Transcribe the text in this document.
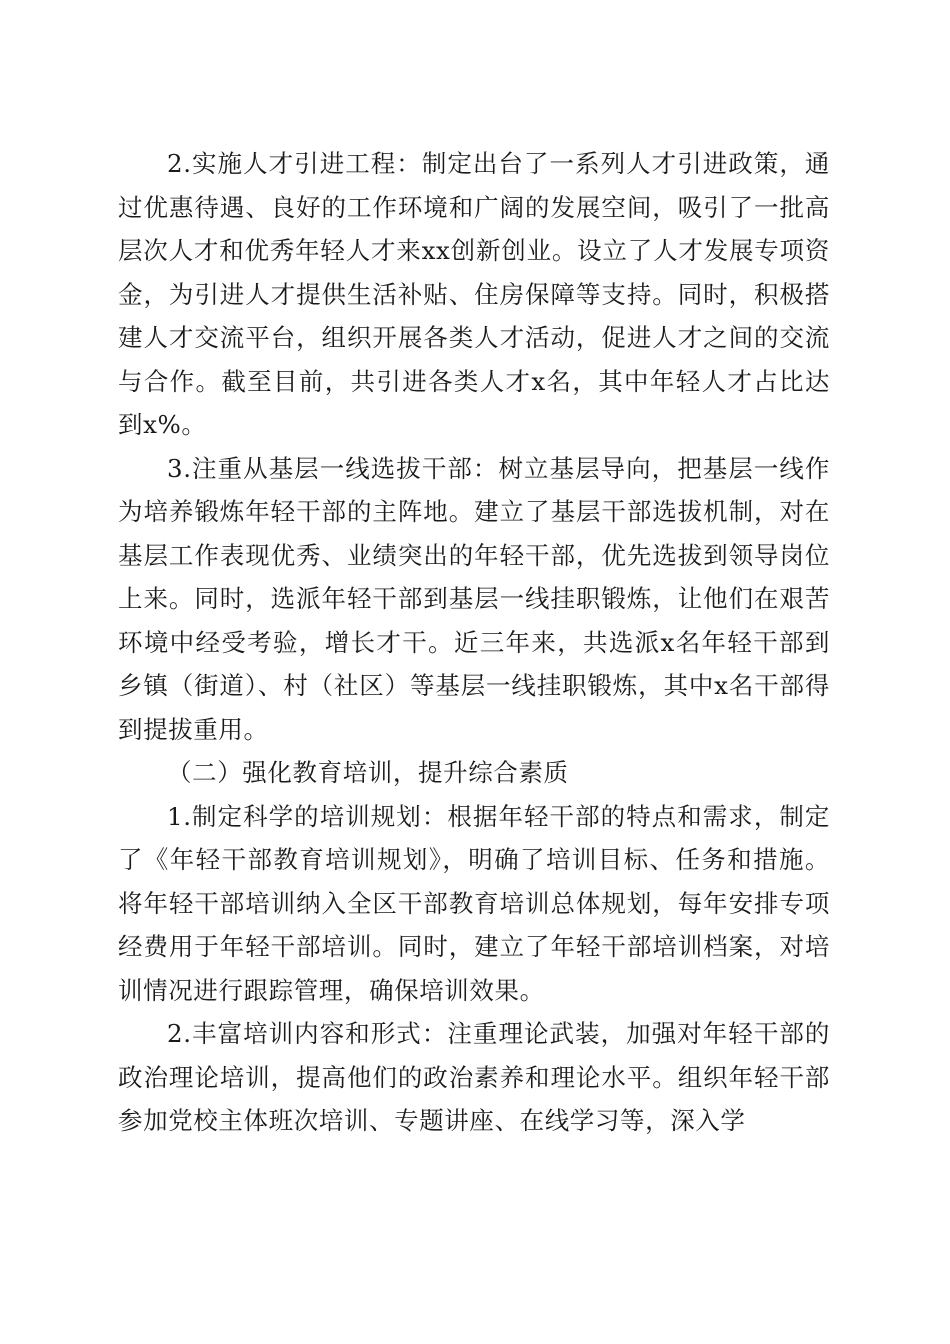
2.实施人才引进工程：制定出台了一系列人才引进政策，通过优惠待遇、良好的工作环境和广阔的发展空间，吸引了一批高层次人才和优秀年轻人才来xx创新创业。设立了人才发展专项资金，为引进人才提供生活补贴、住房保障等支持。同时，积极搭建人才交流平台，组织开展各类人才活动，促进人才之间的交流与合作。截至目前，共引进各类人才x名，其中年轻人才占比达到x%。

3.注重从基层一线选拔干部：树立基层导向，把基层一线作为培养锻炼年轻干部的主阵地。建立了基层干部选拔机制，对在基层工作表现优秀、业绩突出的年轻干部，优先选拔到领导岗位上来。同时，选派年轻干部到基层一线挂职锻炼，让他们在艰苦环境中经受考验，增长才干。近三年来，共选派x名年轻干部到乡镇（街道）、村（社区）等基层一线挂职锻炼，其中x名干部得到提拔重用。

（二）强化教育培训，提升综合素质

1.制定科学的培训规划：根据年轻干部的特点和需求，制定了《年轻干部教育培训规划》，明确了培训目标、任务和措施。将年轻干部培训纳入全区干部教育培训总体规划，每年安排专项经费用于年轻干部培训。同时，建立了年轻干部培训档案，对培训情况进行跟踪管理，确保培训效果。

2.丰富培训内容和形式：注重理论武装，加强对年轻干部的政治理论培训，提高他们的政治素养和理论水平。组织年轻干部参加党校主体班次培训、专题讲座、在线学习等，深入学
